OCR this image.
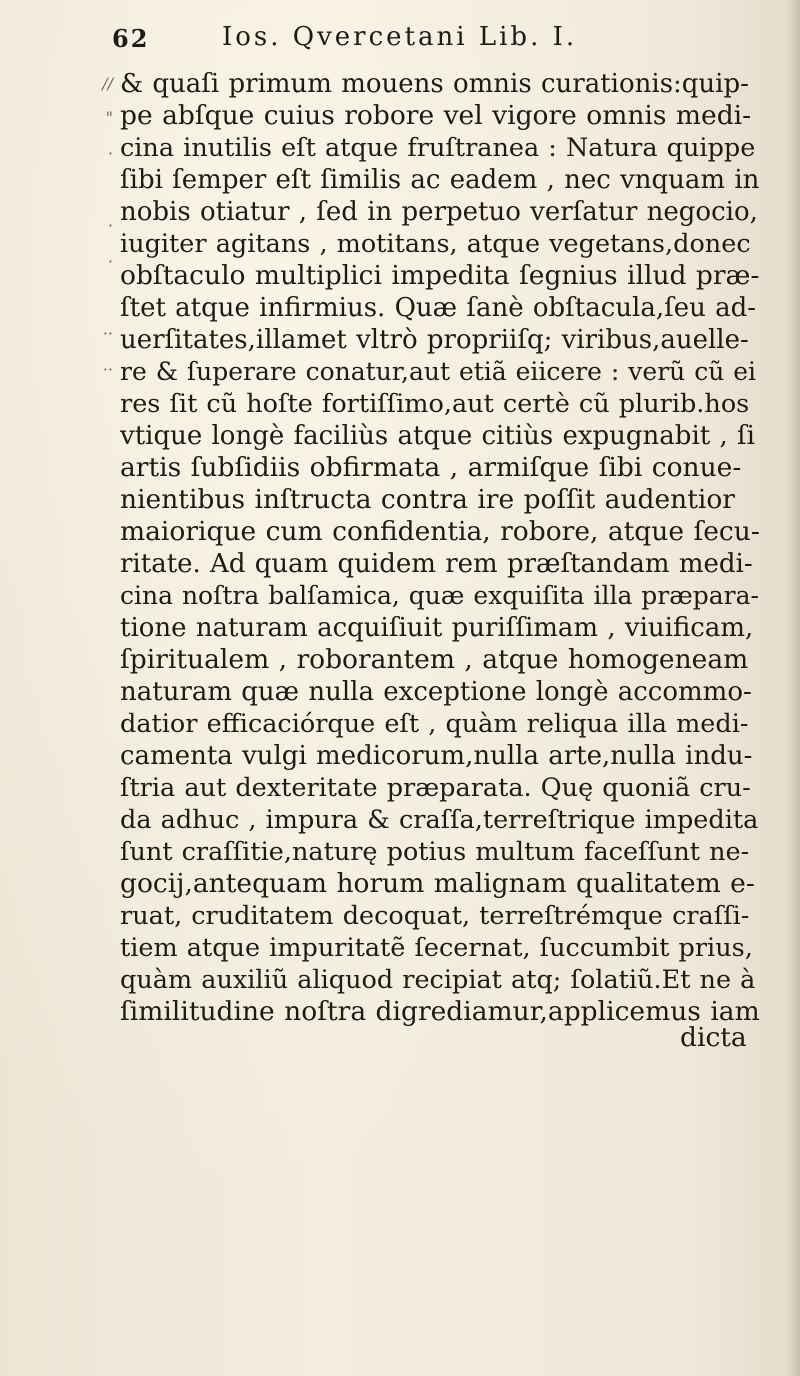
62	Ios. Qvercetani Lib. I.
//
"
·
·
·
··
··
& quaſi primum mouens omnis curationis:quip-
pe abſque cuius robore vel vigore omnis medi-
cina inutilis eſt atque fruſtranea : Natura quippe
ſibi ſemper eſt ſimilis ac eadem , nec vnquam in
nobis otiatur , ſed in perpetuo verſatur negocio,
iugiter agitans , motitans, atque vegetans,donec
obſtaculo multiplici impedita ſegnius illud præ-
ſtet atque infirmius. Quæ ſanè obſtacula,ſeu ad-
uerſitates,illamet vltrò propriiſq; viribus,auelle-
re & ſuperare conatur,aut etiã eiicere : verũ cũ ei
res ſit cũ hoſte fortiſſimo,aut certè cũ plurib.hos
vtique longè faciliùs atque citiùs expugnabit , ſi
artis ſubſidiis obfirmata , armiſque ſibi conue-
nientibus inſtructa contra ire poſſit audentior
maiorique cum confidentia, robore, atque ſecu-
ritate. Ad quam quidem rem præſtandam medi-
cina noſtra balſamica, quæ exquiſita illa præpara-
tione naturam acquiſiuit puriſſimam , viuificam,
ſpiritualem , roborantem , atque homogeneam
naturam quæ nulla exceptione longè accommo-
datior efficaciórque eſt , quàm reliqua illa medi-
camenta vulgi medicorum,nulla arte,nulla indu-
ſtria aut dexteritate præparata. Quę quoniã cru-
da adhuc , impura & craſſa,terreſtrique impedita
ſunt craſſitie,naturę potius multum faceſſunt ne-
gocij,antequam horum malignam qualitatem e-
ruat, cruditatem decoquat, terreſtrémque craſſi-
tiem atque impuritatẽ ſecernat, ſuccumbit prius,
quàm auxiliũ aliquod recipiat atq; ſolatiũ.Et ne à
ſimilitudine noſtra digrediamur,applicemus iam
dicta
